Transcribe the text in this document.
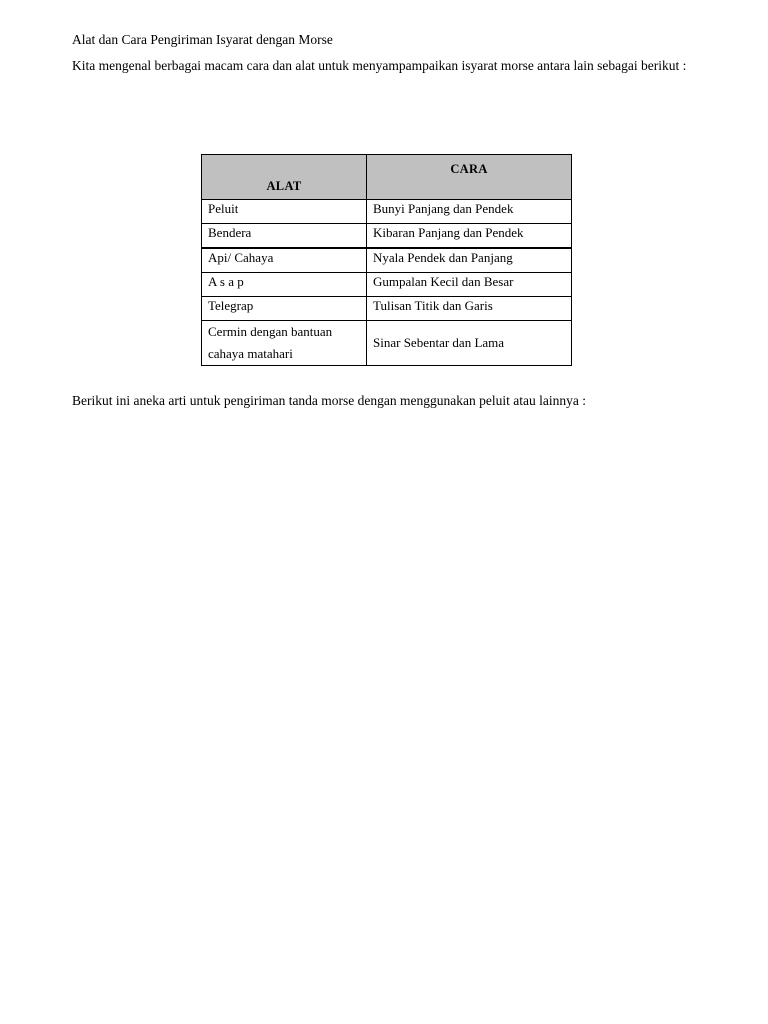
Alat dan Cara Pengiriman Isyarat dengan Morse

Kita mengenal berbagai macam cara dan alat untuk menyampampaikan isyarat morse antara lain sebagai berikut :

ALAT	CARA
Peluit	Bunyi Panjang dan Pendek
Bendera	Kibaran Panjang dan Pendek
Api/ Cahaya	Nyala Pendek dan Panjang
A s a p	Gumpalan Kecil dan Besar
Telegrap	Tulisan Titik dan Garis
Cermin dengan bantuan cahaya matahari	Sinar Sebentar dan Lama

Berikut ini aneka arti untuk pengiriman tanda morse dengan menggunakan peluit atau lainnya :
